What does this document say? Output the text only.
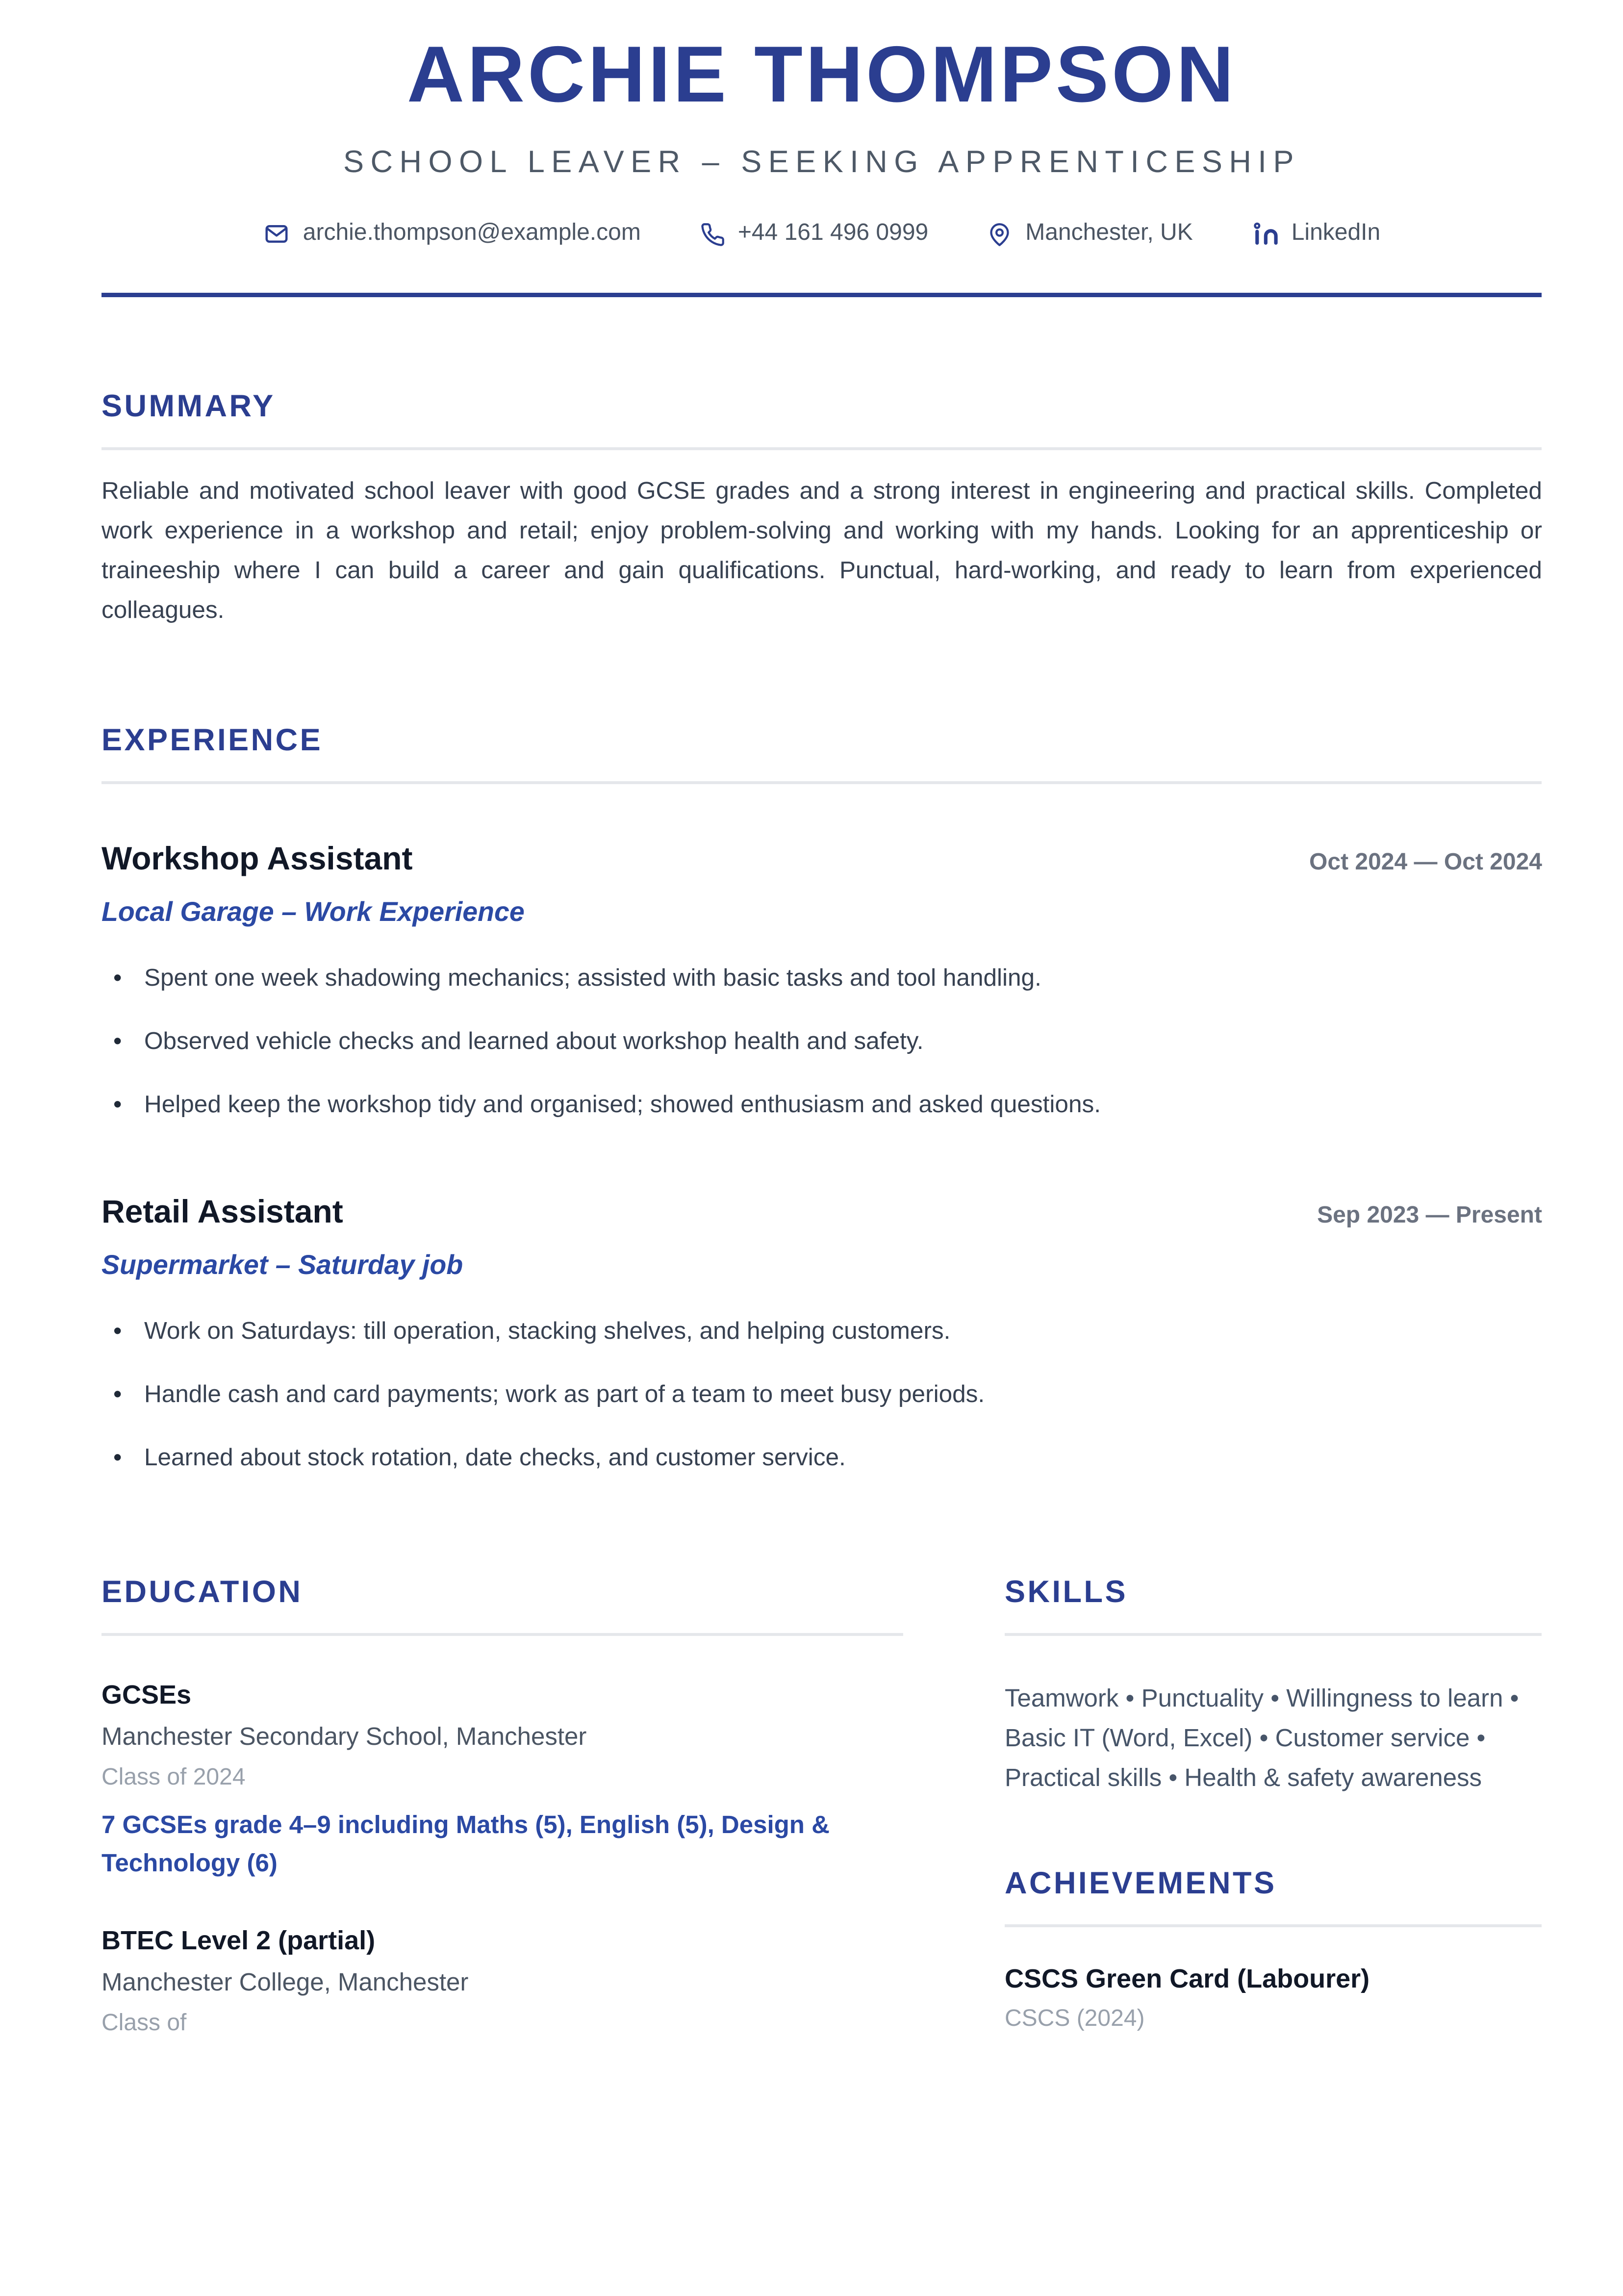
ARCHIE THOMPSON
SCHOOL LEAVER – SEEKING APPRENTICESHIP
archie.thompson@example.com	+44 161 496 0999	Manchester, UK	LinkedIn
SUMMARY

Reliable and motivated school leaver with good GCSE grades and a strong interest in engineering and practical skills. Completed work experience in a workshop and retail; enjoy problem-solving and working with my hands. Looking for an apprenticeship or traineeship where I can build a career and gain qualifications. Punctual, hard-working, and ready to learn from experienced colleagues.

EXPERIENCE
Workshop Assistant	Oct 2024 — Oct 2024
Local Garage – Work Experience
• Spent one week shadowing mechanics; assisted with basic tasks and tool handling.
• Observed vehicle checks and learned about workshop health and safety.
• Helped keep the workshop tidy and organised; showed enthusiasm and asked questions.
Retail Assistant	Sep 2023 — Present
Supermarket – Saturday job
• Work on Saturdays: till operation, stacking shelves, and helping customers.
• Handle cash and card payments; work as part of a team to meet busy periods.
• Learned about stock rotation, date checks, and customer service.
EDUCATION
GCSEs
Manchester Secondary School, Manchester
Class of 2024
7 GCSEs grade 4–9 including Maths (5), English (5), Design & Technology (6)
BTEC Level 2 (partial)
Manchester College, Manchester
Class of
SKILLS

Teamwork • Punctuality • Willingness to learn • Basic IT (Word, Excel) • Customer service • Practical skills • Health & safety awareness

ACHIEVEMENTS
CSCS Green Card (Labourer)
CSCS (2024)
